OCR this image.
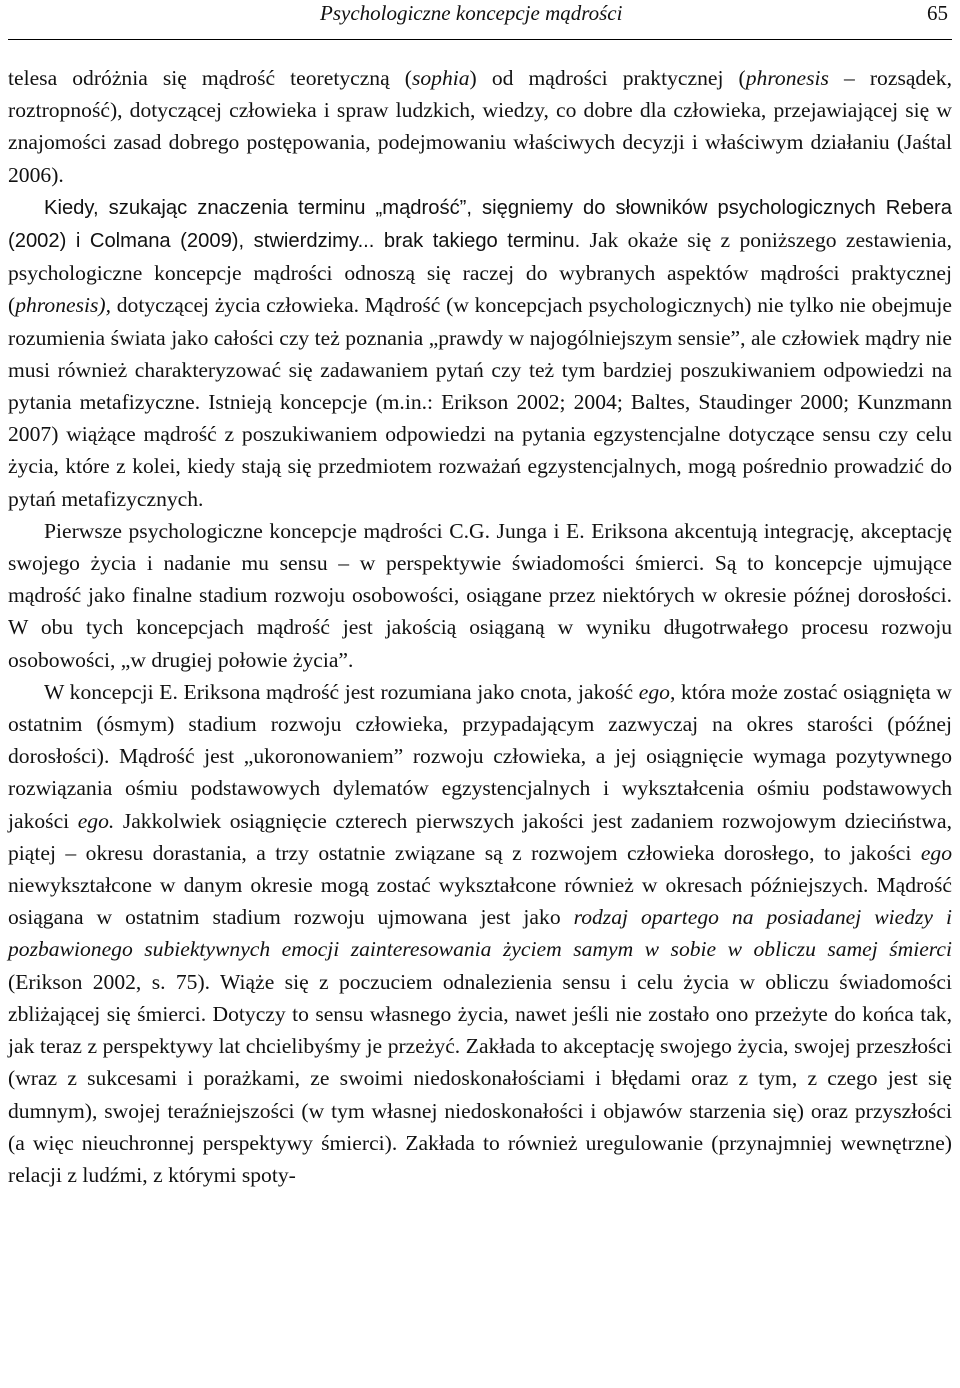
Psychologiczne koncepcje mądrości	65

telesa odróżnia się mądrość teoretyczną (sophia) od mądrości praktycznej (phronesis – rozsądek, roztropność), dotyczącej człowieka i spraw ludzkich, wiedzy, co dobre dla człowieka, przejawiającej się w znajomości zasad dobrego postępowania, podejmowaniu właściwych decyzji i właściwym działaniu (Jaśtal 2006).

Kiedy, szukając znaczenia terminu „mądrość”, sięgniemy do słowników psychologicznych Rebera (2002) i Colmana (2009), stwierdzimy... brak takiego terminu. Jak okaże się z poniższego zestawienia, psychologiczne koncepcje mądrości odnoszą się raczej do wybranych aspektów mądrości praktycznej (phronesis), dotyczącej życia człowieka. Mądrość (w koncepcjach psychologicznych) nie tylko nie obejmuje rozumienia świata jako całości czy też poznania „prawdy w najogólniejszym sensie”, ale człowiek mądry nie musi również charakteryzować się zadawaniem pytań czy też tym bardziej poszukiwaniem odpowiedzi na pytania metafizyczne. Istnieją koncepcje (m.in.: Erikson 2002; 2004; Baltes, Staudinger 2000; Kunzmann 2007) wiążące mądrość z poszukiwaniem odpowiedzi na pytania egzystencjalne dotyczące sensu czy celu życia, które z kolei, kiedy stają się przedmiotem rozważań egzystencjalnych, mogą pośrednio prowadzić do pytań metafizycznych.

Pierwsze psychologiczne koncepcje mądrości C.G. Junga i E. Eriksona akcentują integrację, akceptację swojego życia i nadanie mu sensu – w perspektywie świadomości śmierci. Są to koncepcje ujmujące mądrość jako finalne stadium rozwoju osobowości, osiągane przez niektórych w okresie późnej dorosłości. W obu tych koncepcjach mądrość jest jakością osiąganą w wyniku długotrwałego procesu rozwoju osobowości, „w drugiej połowie życia”.

W koncepcji E. Eriksona mądrość jest rozumiana jako cnota, jakość ego, która może zostać osiągnięta w ostatnim (ósmym) stadium rozwoju człowieka, przypadającym zazwyczaj na okres starości (późnej dorosłości). Mądrość jest „ukoronowaniem” rozwoju człowieka, a jej osiągnięcie wymaga pozytywnego rozwiązania ośmiu podstawowych dylematów egzystencjalnych i wykształcenia ośmiu podstawowych jakości ego. Jakkolwiek osiągnięcie czterech pierwszych jakości jest zadaniem rozwojowym dzieciństwa, piątej – okresu dorastania, a trzy ostatnie związane są z rozwojem człowieka dorosłego, to jakości ego niewykształcone w danym okresie mogą zostać wykształcone również w okresach późniejszych. Mądrość osiągana w ostatnim stadium rozwoju ujmowana jest jako rodzaj opartego na posiadanej wiedzy i pozbawionego subiektywnych emocji zainteresowania życiem samym w sobie w obliczu samej śmierci (Erikson 2002, s. 75). Wiąże się z poczuciem odnalezienia sensu i celu życia w obliczu świadomości zbliżającej się śmierci. Dotyczy to sensu własnego życia, nawet jeśli nie zostało ono przeżyte do końca tak, jak teraz z perspektywy lat chcielibyśmy je przeżyć. Zakłada to akceptację swojego życia, swojej przeszłości (wraz z sukcesami i porażkami, ze swoimi niedoskonałościami i błędami oraz z tym, z czego jest się dumnym), swojej teraźniejszości (w tym własnej niedoskonałości i objawów starzenia się) oraz przyszłości (a więc nieuchronnej perspektywy śmierci). Zakłada to również uregulowanie (przynajmniej wewnętrzne) relacji z ludźmi, z którymi spoty-
